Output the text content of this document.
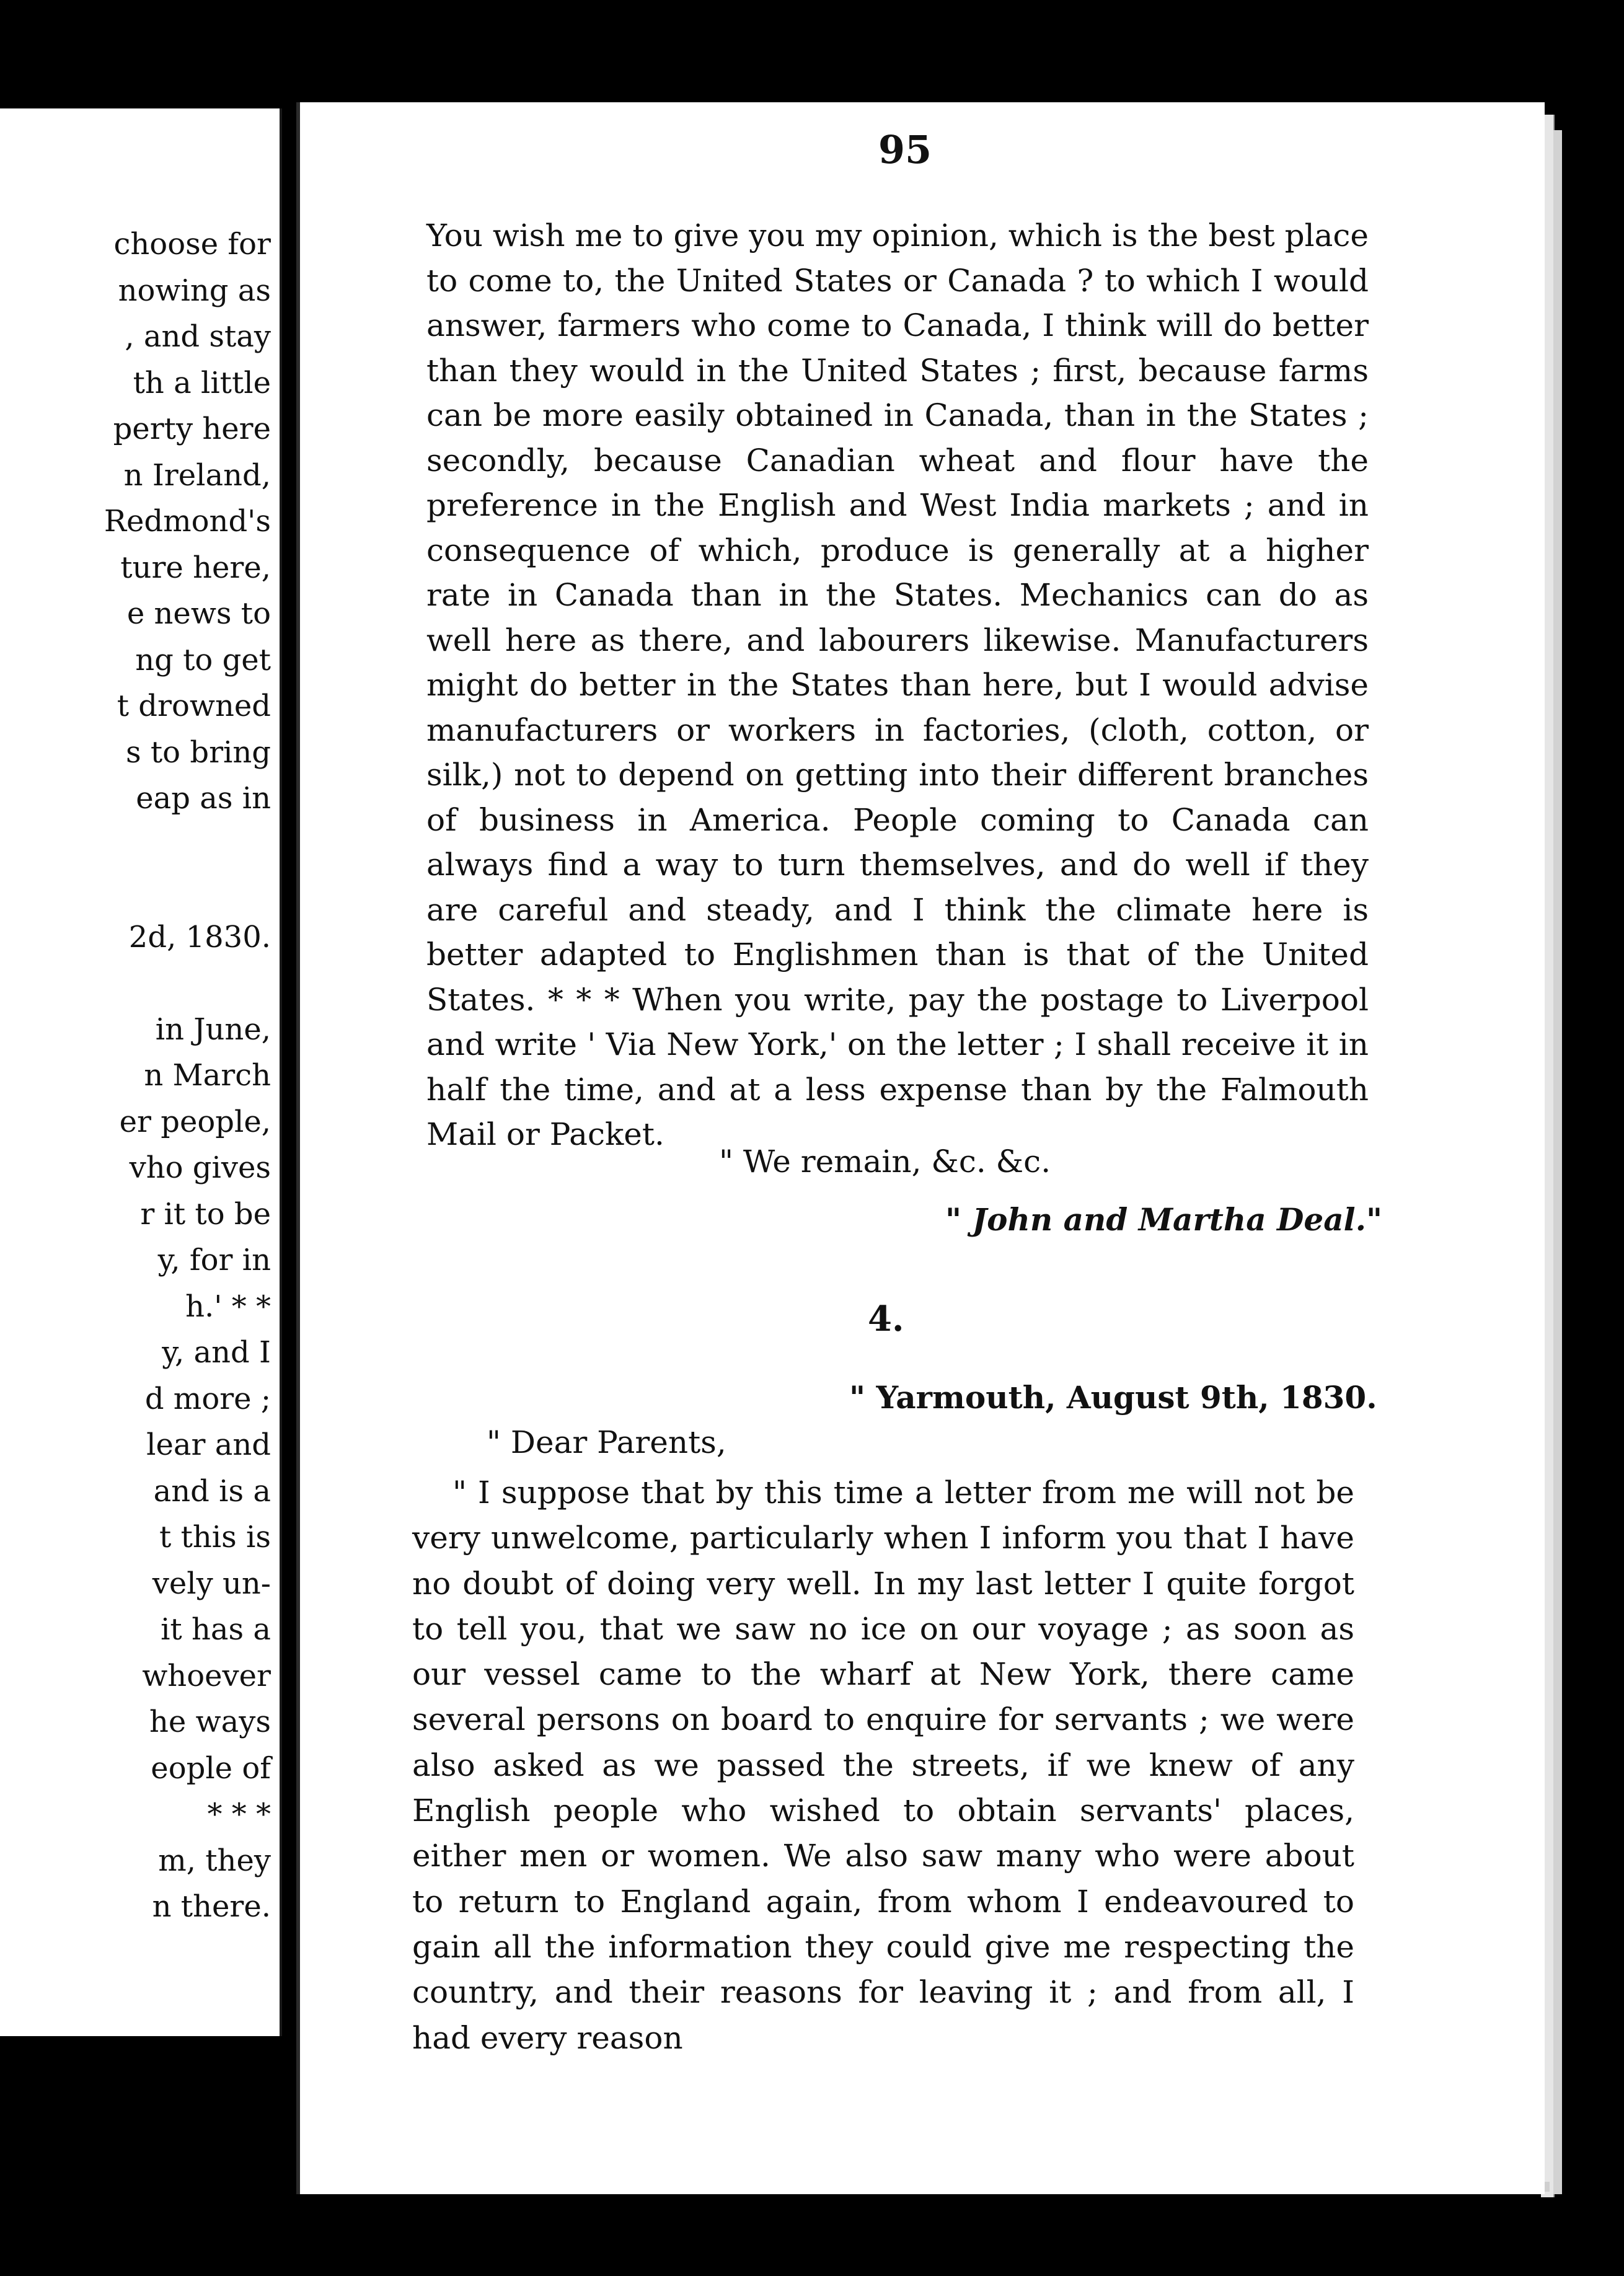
choose for
nowing as
, and stay
th a little
perty here
n Ireland,
Redmond's
ture here,
e news to
ng to get
t drowned
s to bring
eap as in
2d, 1830.
in June,
n March
er people,
vho gives
r it to be
y, for in
h.' * *
y, and I
d more ;
lear and
and is a
t this is
vely un-
it has a
whoever
he ways
eople of
* * *
m, they
n there.
95

You wish me to give you my opinion, which is the best place to come to, the United States or Canada ? to which I would answer, farmers who come to Canada, I think will do better than they would in the United States ; first, because farms can be more easily obtained in Canada, than in the States ; secondly, because Canadian wheat and flour have the preference in the English and West India markets ; and in consequence of which, produce is generally at a higher rate in Canada than in the States. Mechanics can do as well here as there, and labourers likewise. Manufacturers might do better in the States than here, but I would advise manufacturers or workers in factories, (cloth, cotton, or silk,) not to depend on getting into their different branches of business in America. People coming to Canada can always find a way to turn themselves, and do well if they are careful and steady, and I think the climate here is better adapted to Englishmen than is that of the United States. * * * When you write, pay the postage to Liverpool and write ' Via New York,' on the letter ; I shall receive it in half the time, and at a less expense than by the Falmouth Mail or Packet.

" We remain, &c. &c.
" John and Martha Deal."
4.
" Yarmouth, August 9th, 1830.
" Dear Parents,

" I suppose that by this time a letter from me will not be very unwelcome, particularly when I inform you that I have no doubt of doing very well. In my last letter I quite forgot to tell you, that we saw no ice on our voyage ; as soon as our vessel came to the wharf at New York, there came several persons on board to enquire for servants ; we were also asked as we passed the streets, if we knew of any English people who wished to obtain servants' places, either men or women. We also saw many who were about to return to England again, from whom I endeavoured to gain all the information they could give me respecting the country, and their reasons for leaving it ; and from all, I had every reason
